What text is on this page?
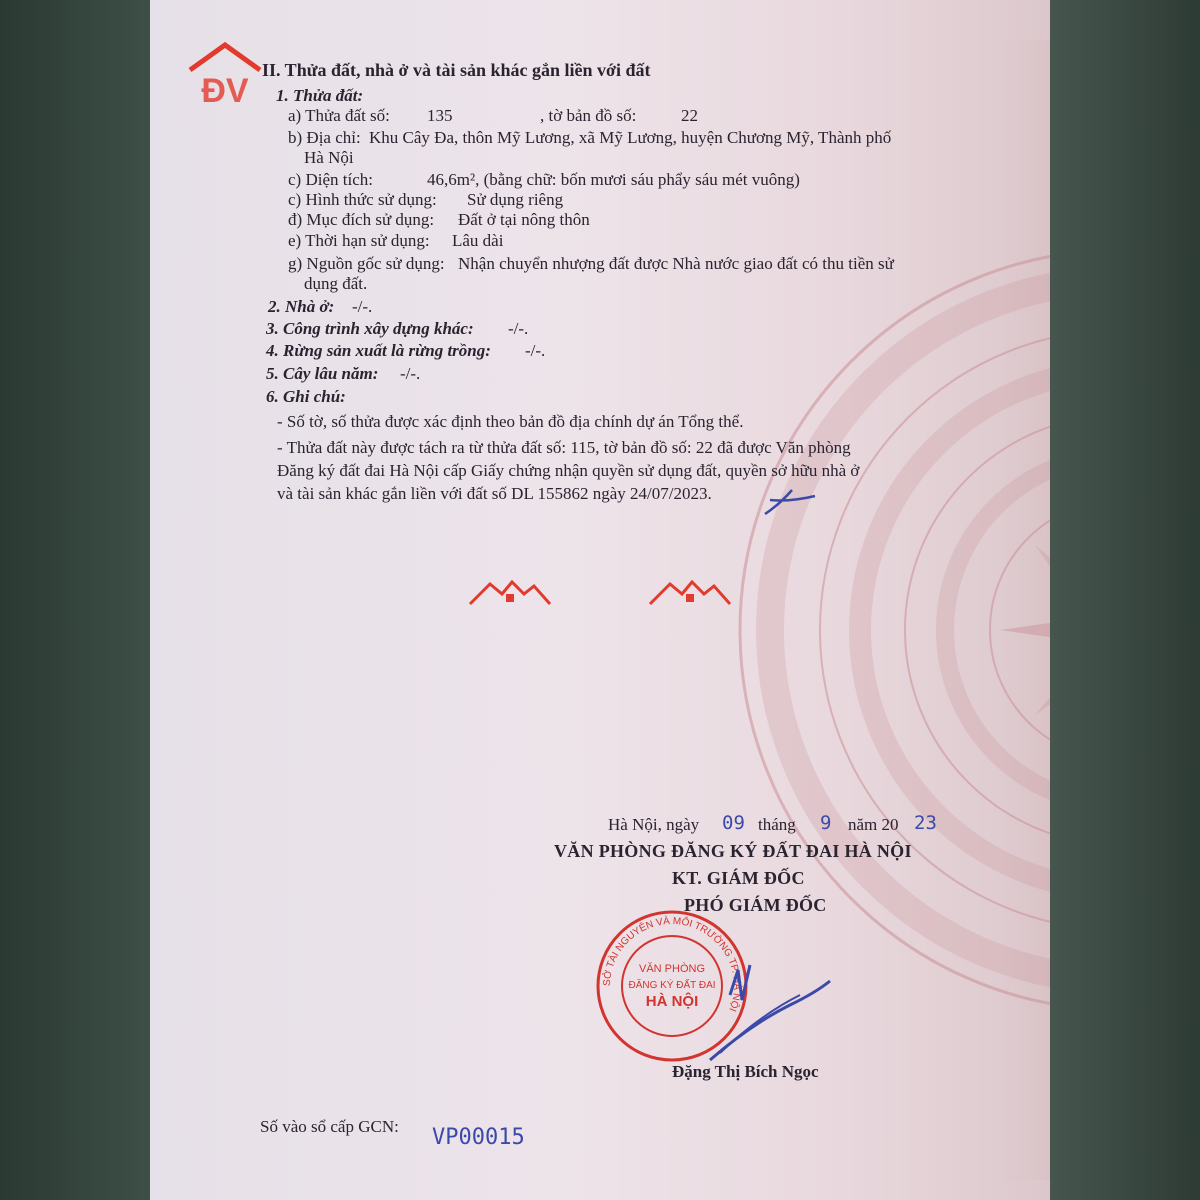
ĐV
II. Thửa đất, nhà ở và tài sản khác gắn liền với đất
1. Thửa đất:
a) Thửa đất số: 135	, tờ bản đồ số:	22
b) Địa chỉ: Khu Cây Đa, thôn Mỹ Lương, xã Mỹ Lương, huyện Chương Mỹ, Thành phố
Hà Nội
c) Diện tích:	46,6m², (bằng chữ: bốn mươi sáu phẩy sáu mét vuông)
c) Hình thức sử dụng: Sử dụng riêng
đ) Mục đích sử dụng: Đất ở tại nông thôn
e) Thời hạn sử dụng: Lâu dài
g) Nguồn gốc sử dụng: Nhận chuyển nhượng đất được Nhà nước giao đất có thu tiền sử
dụng đất.
2. Nhà ở: -/-.
3. Công trình xây dựng khác: -/-.
4. Rừng sản xuất là rừng trồng: -/-.
5. Cây lâu năm: -/-.
6. Ghi chú:
- Số tờ, số thửa được xác định theo bản đồ địa chính dự án Tổng thể.
- Thửa đất này được tách ra từ thửa đất số: 115, tờ bản đồ số: 22 đã được Văn phòng
Đăng ký đất đai Hà Nội cấp Giấy chứng nhận quyền sử dụng đất, quyền sở hữu nhà ở
và tài sản khác gắn liền với đất số DL 155862 ngày 24/07/2023.
Hà Nội, ngày 09 tháng 9 năm 20 23
VĂN PHÒNG ĐĂNG KÝ ĐẤT ĐAI HÀ NỘI
KT. GIÁM ĐỐC
PHÓ GIÁM ĐỐC
SỞ TÀI NGUYÊN VÀ MÔI TRƯỜNG TP. HÀ NỘI
VĂN PHÒNG
ĐĂNG KÝ ĐẤT ĐAI
HÀ NỘI
Đặng Thị Bích Ngọc
Số vào sổ cấp GCN: VP00015
